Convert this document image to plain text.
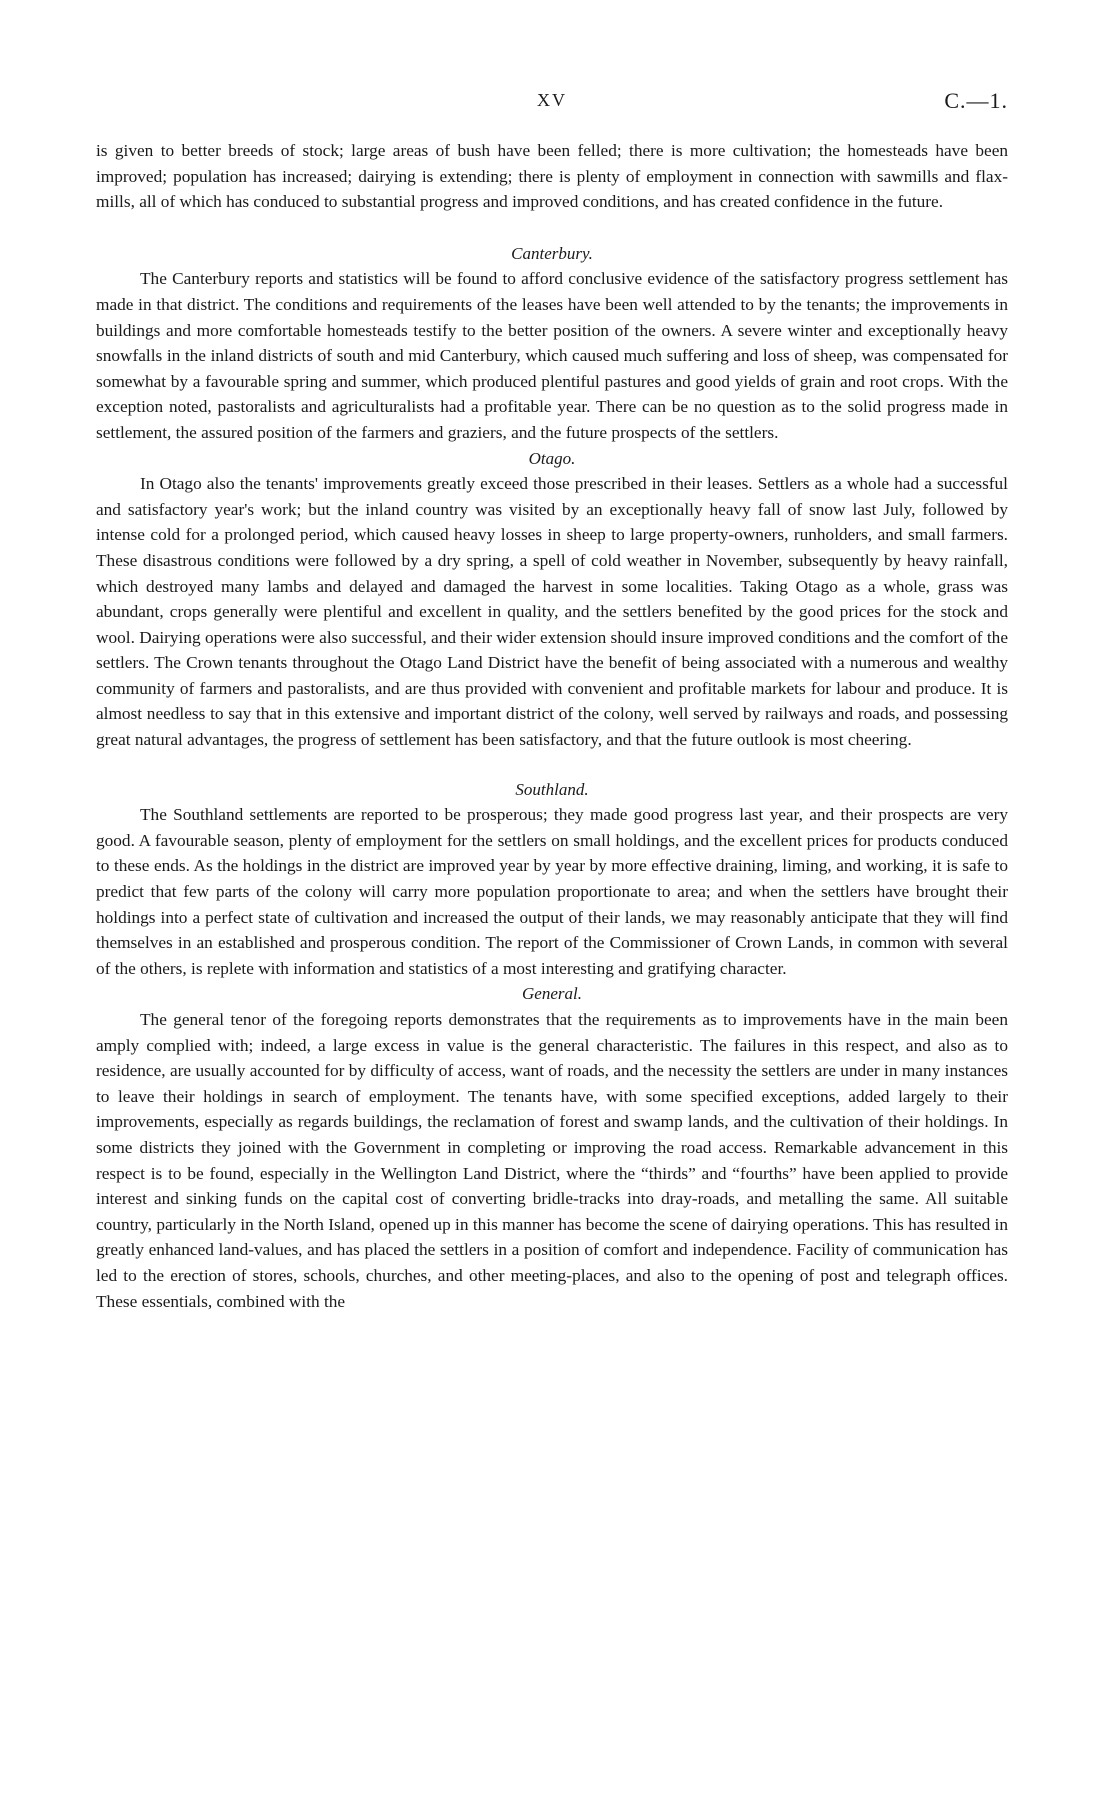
XV	C.—1.

is given to better breeds of stock; large areas of bush have been felled; there is more cultivation; the homesteads have been improved; population has increased; dairying is extending; there is plenty of employment in connection with sawmills and flax-mills, all of which has conduced to substantial progress and improved conditions, and has created confidence in the future.

Canterbury.

The Canterbury reports and statistics will be found to afford conclusive evidence of the satisfactory progress settlement has made in that district. The conditions and requirements of the leases have been well attended to by the tenants; the improvements in buildings and more comfortable homesteads testify to the better position of the owners. A severe winter and exceptionally heavy snowfalls in the inland districts of south and mid Canterbury, which caused much suffering and loss of sheep, was compensated for somewhat by a favourable spring and summer, which produced plentiful pastures and good yields of grain and root crops. With the exception noted, pastoralists and agriculturalists had a profitable year. There can be no question as to the solid progress made in settlement, the assured position of the farmers and graziers, and the future prospects of the settlers.

Otago.

In Otago also the tenants' improvements greatly exceed those prescribed in their leases. Settlers as a whole had a successful and satisfactory year's work; but the inland country was visited by an exceptionally heavy fall of snow last July, followed by intense cold for a prolonged period, which caused heavy losses in sheep to large property-owners, runholders, and small farmers. These disastrous conditions were followed by a dry spring, a spell of cold weather in November, subsequently by heavy rainfall, which destroyed many lambs and delayed and damaged the harvest in some localities. Taking Otago as a whole, grass was abundant, crops generally were plentiful and excellent in quality, and the settlers benefited by the good prices for the stock and wool. Dairying operations were also successful, and their wider extension should insure improved conditions and the comfort of the settlers. The Crown tenants throughout the Otago Land District have the benefit of being associated with a numerous and wealthy community of farmers and pastoralists, and are thus provided with convenient and profitable markets for labour and produce. It is almost needless to say that in this extensive and important district of the colony, well served by railways and roads, and possessing great natural advantages, the progress of settlement has been satisfactory, and that the future outlook is most cheering.

Southland.

The Southland settlements are reported to be prosperous; they made good progress last year, and their prospects are very good. A favourable season, plenty of employment for the settlers on small holdings, and the excellent prices for products conduced to these ends. As the holdings in the district are improved year by year by more effective draining, liming, and working, it is safe to predict that few parts of the colony will carry more population proportionate to area; and when the settlers have brought their holdings into a perfect state of cultivation and increased the output of their lands, we may reasonably anticipate that they will find themselves in an established and prosperous condition. The report of the Commissioner of Crown Lands, in common with several of the others, is replete with information and statistics of a most interesting and gratifying character.

General.

The general tenor of the foregoing reports demonstrates that the requirements as to improvements have in the main been amply complied with; indeed, a large excess in value is the general characteristic. The failures in this respect, and also as to residence, are usually accounted for by difficulty of access, want of roads, and the necessity the settlers are under in many instances to leave their holdings in search of employment. The tenants have, with some specified exceptions, added largely to their improvements, especially as regards buildings, the reclamation of forest and swamp lands, and the cultivation of their holdings. In some districts they joined with the Government in completing or improving the road access. Remarkable advancement in this respect is to be found, especially in the Wellington Land District, where the “thirds” and “fourths” have been applied to provide interest and sinking funds on the capital cost of converting bridle-tracks into dray-roads, and metalling the same. All suitable country, particularly in the North Island, opened up in this manner has become the scene of dairying operations. This has resulted in greatly enhanced land-values, and has placed the settlers in a position of comfort and independence. Facility of communication has led to the erection of stores, schools, churches, and other meeting-places, and also to the opening of post and telegraph offices. These essentials, combined with the
